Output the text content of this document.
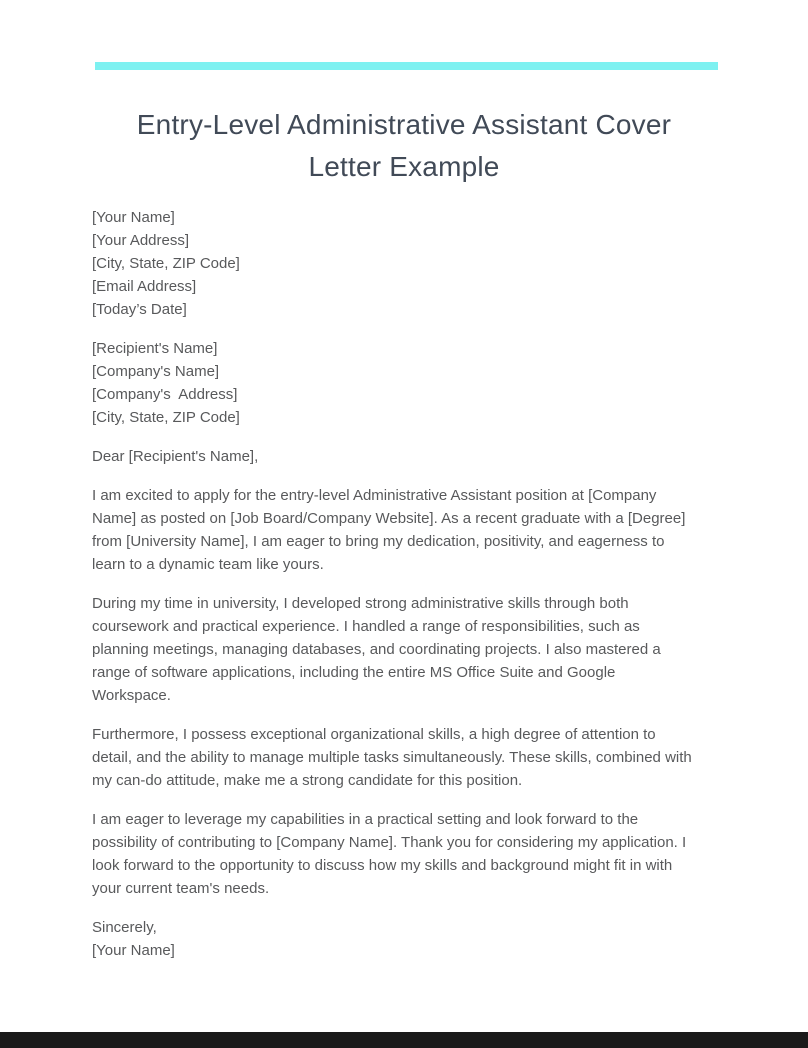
Entry-Level Administrative Assistant Cover Letter Example
[Your Name]
[Your Address]
[City, State, ZIP Code]
[Email Address]
[Today’s Date]
[Recipient's Name]
[Company's Name]
[Company's  Address]
[City, State, ZIP Code]

Dear [Recipient's Name],

I am excited to apply for the entry-level Administrative Assistant position at [Company Name] as posted on [Job Board/Company Website]. As a recent graduate with a [Degree] from [University Name], I am eager to bring my dedication, positivity, and eagerness to learn to a dynamic team like yours.

During my time in university, I developed strong administrative skills through both coursework and practical experience. I handled a range of responsibilities, such as planning meetings, managing databases, and coordinating projects. I also mastered a range of software applications, including the entire MS Office Suite and Google Workspace.

Furthermore, I possess exceptional organizational skills, a high degree of attention to detail, and the ability to manage multiple tasks simultaneously. These skills, combined with my can-do attitude, make me a strong candidate for this position.

I am eager to leverage my capabilities in a practical setting and look forward to the possibility of contributing to [Company Name]. Thank you for considering my application. I look forward to the opportunity to discuss how my skills and background might fit in with your current team's needs.

Sincerely,
[Your Name]
